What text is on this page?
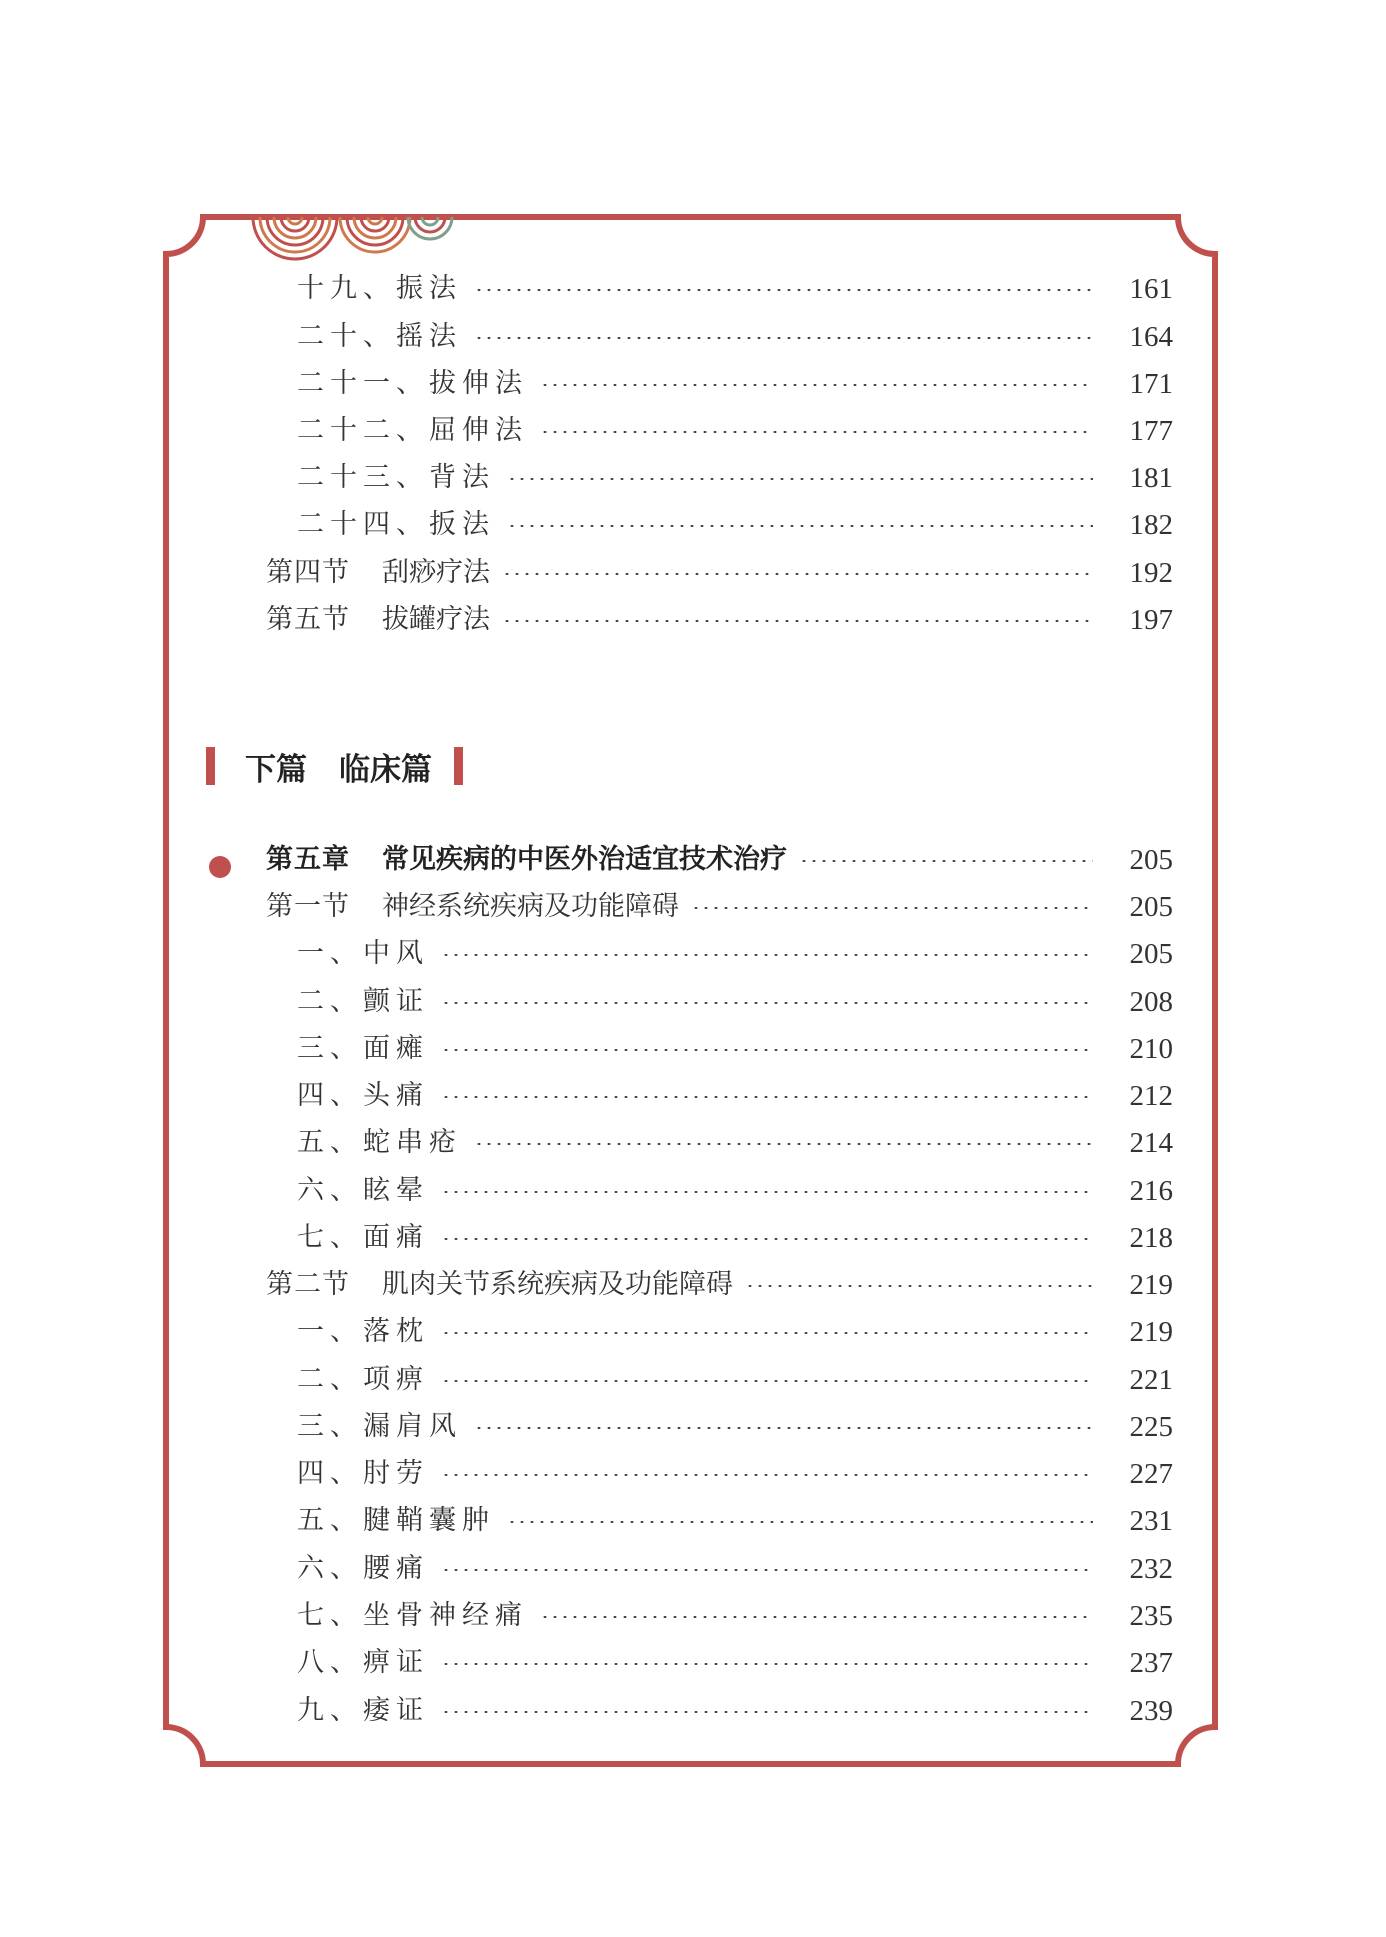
下篇 临床篇
十九、振法	161
二十、摇法	164
二十一、拔伸法	171
二十二、屈伸法	177
二十三、背法	181
二十四、扳法	182
第四节	刮痧疗法	192
第五节	拔罐疗法	197
第五章	常见疾病的中医外治适宜技术治疗	205
第一节	神经系统疾病及功能障碍	205
一、中风	205
二、颤证	208
三、面瘫	210
四、头痛	212
五、蛇串疮	214
六、眩晕	216
七、面痛	218
第二节	肌肉关节系统疾病及功能障碍	219
一、落枕	219
二、项痹	221
三、漏肩风	225
四、肘劳	227
五、腱鞘囊肿	231
六、腰痛	232
七、坐骨神经痛	235
八、痹证	237
九、痿证	239
